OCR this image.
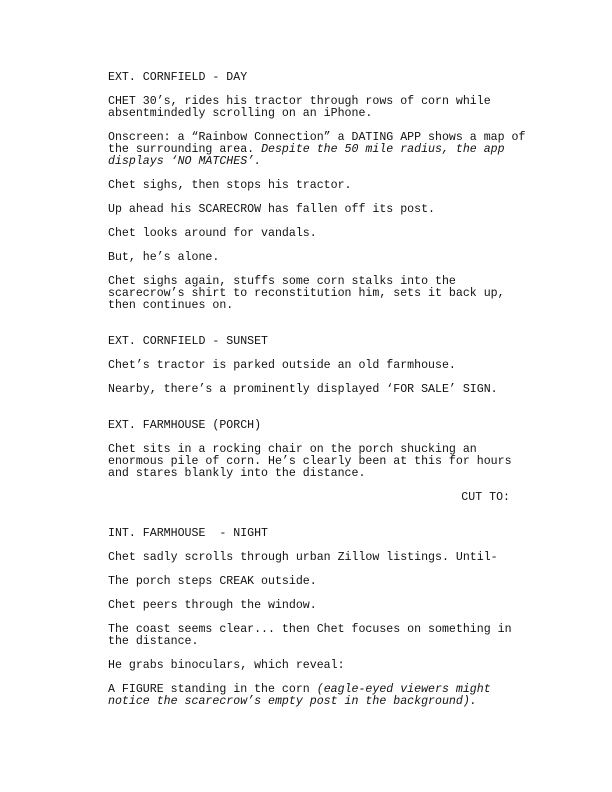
EXT. CORNFIELD - DAY
CHET 30’s, rides his tractor through rows of corn while
absentmindedly scrolling on an iPhone.
Onscreen: a “Rainbow Connection” a DATING APP shows a map of
the surrounding area. Despite the 50 mile radius, the app
displays ‘NO MATCHES’.
Chet sighs, then stops his tractor.
Up ahead his SCARECROW has fallen off its post.
Chet looks around for vandals.
But, he’s alone.
Chet sighs again, stuffs some corn stalks into the
scarecrow’s shirt to reconstitution him, sets it back up,
then continues on.
EXT. CORNFIELD - SUNSET
Chet’s tractor is parked outside an old farmhouse.
Nearby, there’s a prominently displayed ‘FOR SALE’ SIGN.
EXT. FARMHOUSE (PORCH)
Chet sits in a rocking chair on the porch shucking an
enormous pile of corn. He’s clearly been at this for hours
and stares blankly into the distance.
CUT TO:
INT. FARMHOUSE  - NIGHT
Chet sadly scrolls through urban Zillow listings. Until-
The porch steps CREAK outside.
Chet peers through the window.
The coast seems clear... then Chet focuses on something in
the distance.
He grabs binoculars, which reveal:
A FIGURE standing in the corn (eagle-eyed viewers might
notice the scarecrow’s empty post in the background).
